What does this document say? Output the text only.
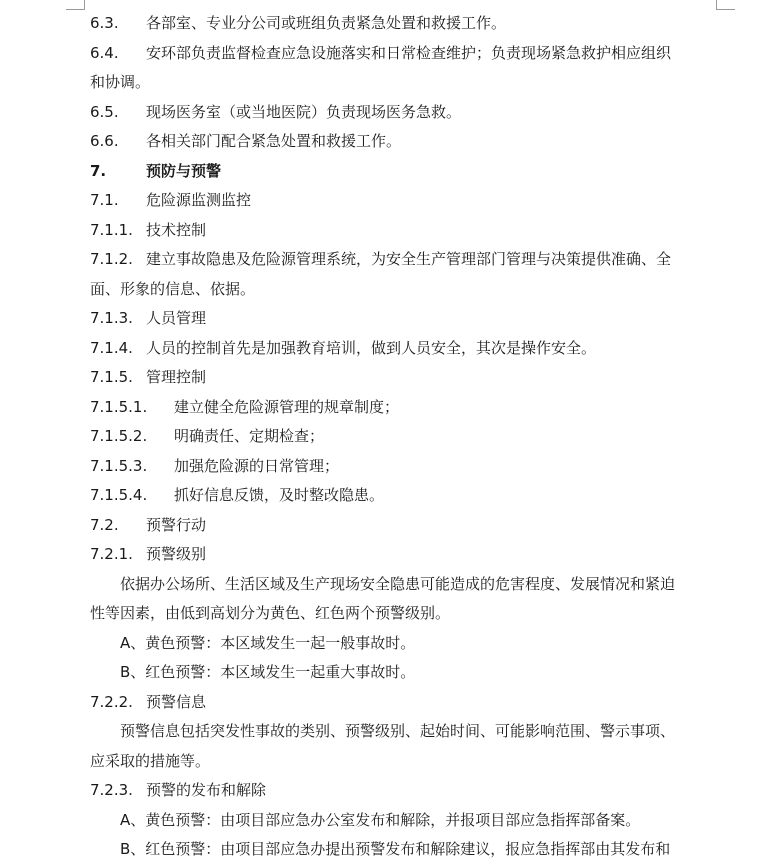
6.3. 各部室、专业分公司或班组负责紧急处置和救援工作。
6.4. 安环部负责监督检查应急设施落实和日常检查维护；负责现场紧急救护相应组织
和协调。
6.5. 现场医务室（或当地医院）负责现场医务急救。
6.6. 各相关部门配合紧急处置和救援工作。
7.	预防与预警
7.1. 危险源监测监控
7.1.1. 技术控制
7.1.2. 建立事故隐患及危险源管理系统，为安全生产管理部门管理与决策提供准确、全
面、形象的信息、依据。
7.1.3. 人员管理
7.1.4. 人员的控制首先是加强教育培训，做到人员安全，其次是操作安全。
7.1.5. 管理控制
7.1.5.1. 建立健全危险源管理的规章制度；
7.1.5.2. 明确责任、定期检查；
7.1.5.3. 加强危险源的日常管理；
7.1.5.4. 抓好信息反馈，及时整改隐患。
7.2. 预警行动
7.2.1. 预警级别
依据办公场所、生活区域及生产现场安全隐患可能造成的危害程度、发展情况和紧迫
性等因素，由低到高划分为黄色、红色两个预警级别。
A、黄色预警：本区域发生一起一般事故时。
B、红色预警：本区域发生一起重大事故时。
7.2.2. 预警信息
预警信息包括突发性事故的类别、预警级别、起始时间、可能影响范围、警示事项、
应采取的措施等。
7.2.3. 预警的发布和解除
A、黄色预警：由项目部应急办公室发布和解除，并报项目部应急指挥部备案。
B、红色预警：由项目部应急办提出预警发布和解除建议，报应急指挥部由其发布和
